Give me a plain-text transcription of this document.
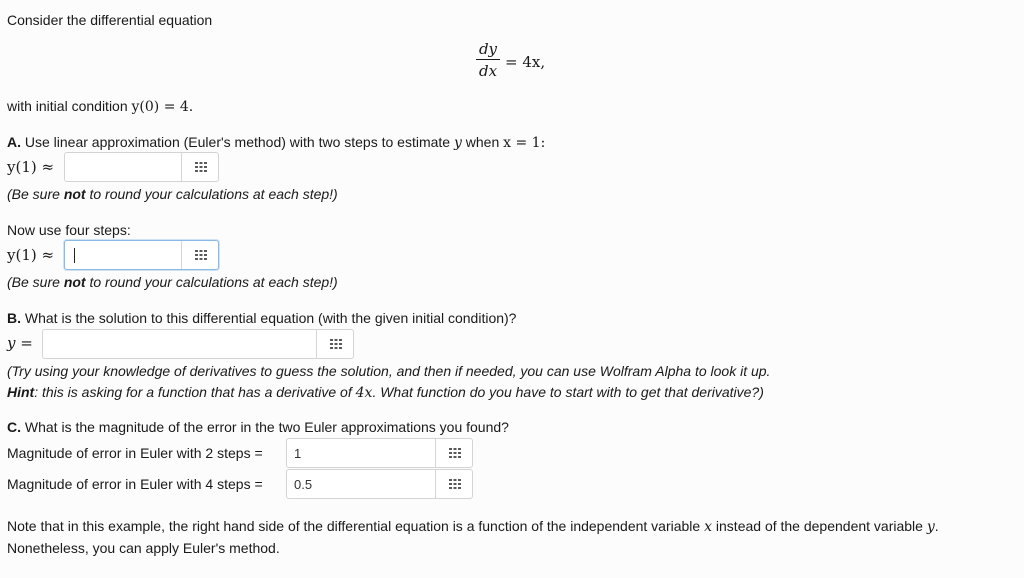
Consider the differential equation
dy
dx = 4x,
with initial condition y(0) = 4.
A. Use linear approximation (Euler's method) with two steps to estimate y when x = 1:
y(1) ≈
(Be sure not to round your calculations at each step!)
Now use four steps:
y(1) ≈
(Be sure not to round your calculations at each step!)
B. What is the solution to this differential equation (with the given initial condition)?
y =
(Try using your knowledge of derivatives to guess the solution, and then if needed, you can use Wolfram Alpha to look it up.
Hint: this is asking for a function that has a derivative of 4x. What function do you have to start with to get that derivative?)
C. What is the magnitude of the error in the two Euler approximations you found?
Magnitude of error in Euler with 2 steps =
1
Magnitude of error in Euler with 4 steps =
0.5
Note that in this example, the right hand side of the differential equation is a function of the independent variable x instead of the dependent variable y.
Nonetheless, you can apply Euler's method.
